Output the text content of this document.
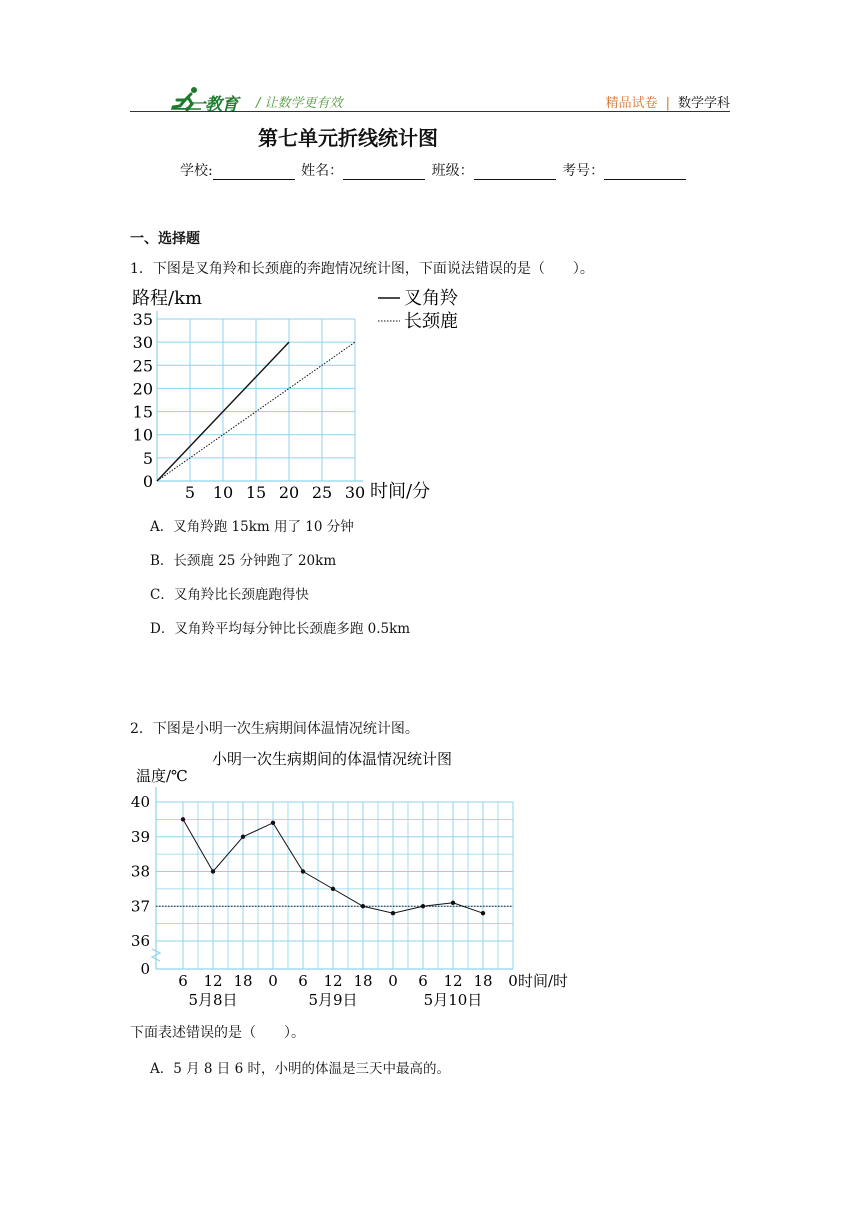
二一教育 / 让数学更有效	精品试卷 | 数学学科
第七单元折线统计图
学校:	姓名：	班级：	考号：
一、选择题
1．下图是叉角羚和长颈鹿的奔跑情况统计图，下面说法错误的是（　　）。
5 10 15 20 25 30
0
5
10
15
20
25
30
35
路程/km
时间/分
叉角羚
长颈鹿
A．叉角羚跑 15km 用了 10 分钟
B．长颈鹿 25 分钟跑了 20km
C．叉角羚比长颈鹿跑得快
D．叉角羚平均每分钟比长颈鹿多跑 0.5km
2．下图是小明一次生病期间体温情况统计图。
小明一次生病期间的体温情况统计图
温度/℃
0
36
37
38
39
40
6 12 18 0 6 12 18 0 6 12 18 0
5月8日	5月9日	5月10日
时间/时
下面表述错误的是（　　）。
A．5 月 8 日 6 时，小明的体温是三天中最高的。
